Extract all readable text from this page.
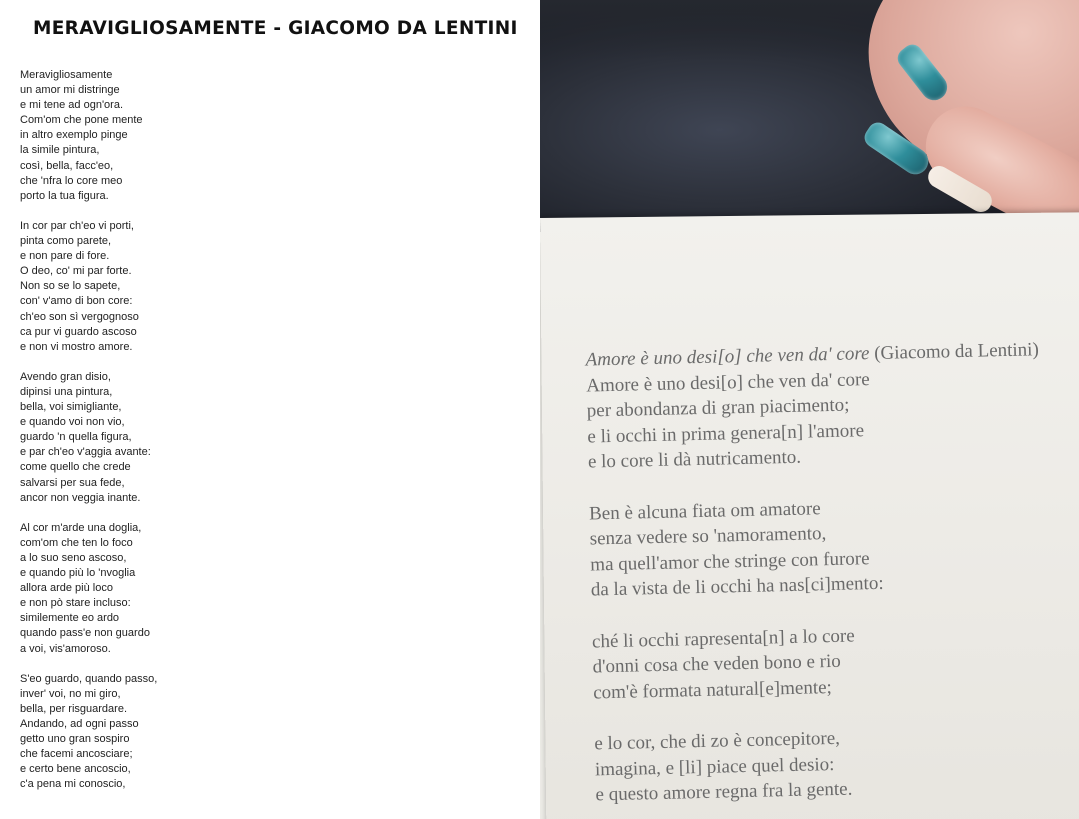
MERAVIGLIOSAMENTE - GIACOMO DA LENTINI
Meravigliosamente
un amor mi distringe
e mi tene ad ogn'ora.
Com'om che pone mente
in altro exemplo pinge
la simile pintura,
così, bella, facc'eo,
che 'nfra lo core meo
porto la tua figura.
In cor par ch'eo vi porti,
pinta como parete,
e non pare di fore.
O deo, co' mi par forte.
Non so se lo sapete,
con' v'amo di bon core:
ch'eo son sì vergognoso
ca pur vi guardo ascoso
e non vi mostro amore.
Avendo gran disio,
dipinsi una pintura,
bella, voi simigliante,
e quando voi non vio,
guardo 'n quella figura,
e par ch'eo v'aggia avante:
come quello che crede
salvarsi per sua fede,
ancor non veggia inante.
Al cor m'arde una doglia,
com'om che ten lo foco
a lo suo seno ascoso,
e quando più lo 'nvoglia
allora arde più loco
e non pò stare incluso:
similemente eo ardo
quando pass'e non guardo
a voi, vis'amoroso.
S'eo guardo, quando passo,
inver' voi, no mi giro,
bella, per risguardare.
Andando, ad ogni passo
getto uno gran sospiro
che facemi ancosciare;
e certo bene ancoscio,
c'a pena mi conoscio,
Amore è uno desi[o] che ven da' core (Giacomo da Lentini)
Amore è uno desi[o] che ven da' core
per abondanza di gran piacimento;
e li occhi in prima genera[n] l'amore
e lo core li dà nutricamento.
Ben è alcuna fiata om amatore
senza vedere so 'namoramento,
ma quell'amor che stringe con furore
da la vista de li occhi ha nas[ci]mento:
ché li occhi rapresenta[n] a lo core
d'onni cosa che veden bono e rio
com'è formata natural[e]mente;
e lo cor, che di zo è concepitore,
imagina, e [li] piace quel desio:
e questo amore regna fra la gente.
